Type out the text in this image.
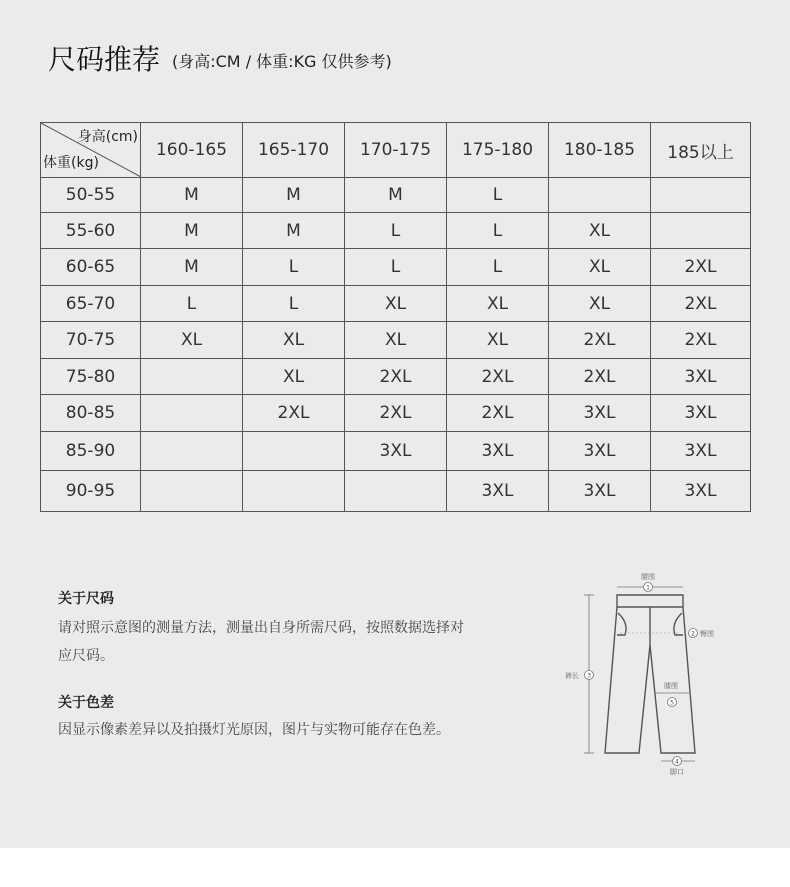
尺码推荐 (身高:CM / 体重:KG 仅供参考)
身高(cm)
体重(kg)	160-165	165-170	170-175	175-180	180-185	185以上
50-55	M	M	M	L		
55-60	M	M	L	L	XL	
60-65	M	L	L	L	XL	2XL
65-70	L	L	XL	XL	XL	2XL
70-75	XL	XL	XL	XL	2XL	2XL
75-80		XL	2XL	2XL	2XL	3XL
80-85		2XL	2XL	2XL	3XL	3XL
85-90			3XL	3XL	3XL	3XL
90-95				3XL	3XL	3XL
关于尺码
请对照示意图的测量方法，测量出自身所需尺码，按照数据选择对应尺码。
关于色差
因显示像素差异以及拍摄灯光原因，图片与实物可能存在色差。
1
腰围
2 臀围
3
裤长
膝围
5
4
脚口
